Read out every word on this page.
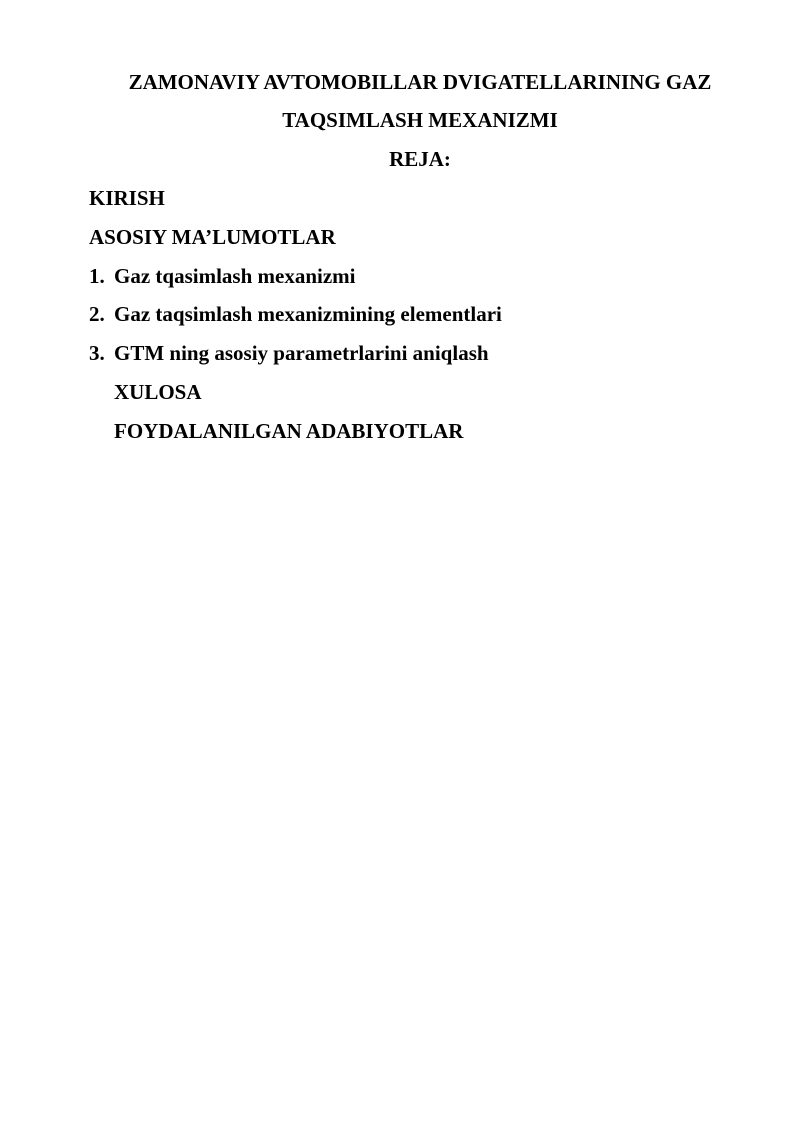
ZAMONAVIY AVTOMOBILLAR DVIGATELLARINING GAZ
TAQSIMLASH MEXANIZMI
REJA:
KIRISH
ASOSIY MA’LUMOTLAR
1. Gaz tqasimlash mexanizmi
2. Gaz taqsimlash mexanizmining elementlari
3. GTM ning asosiy parametrlarini aniqlash
XULOSA
FOYDALANILGAN ADABIYOTLAR
